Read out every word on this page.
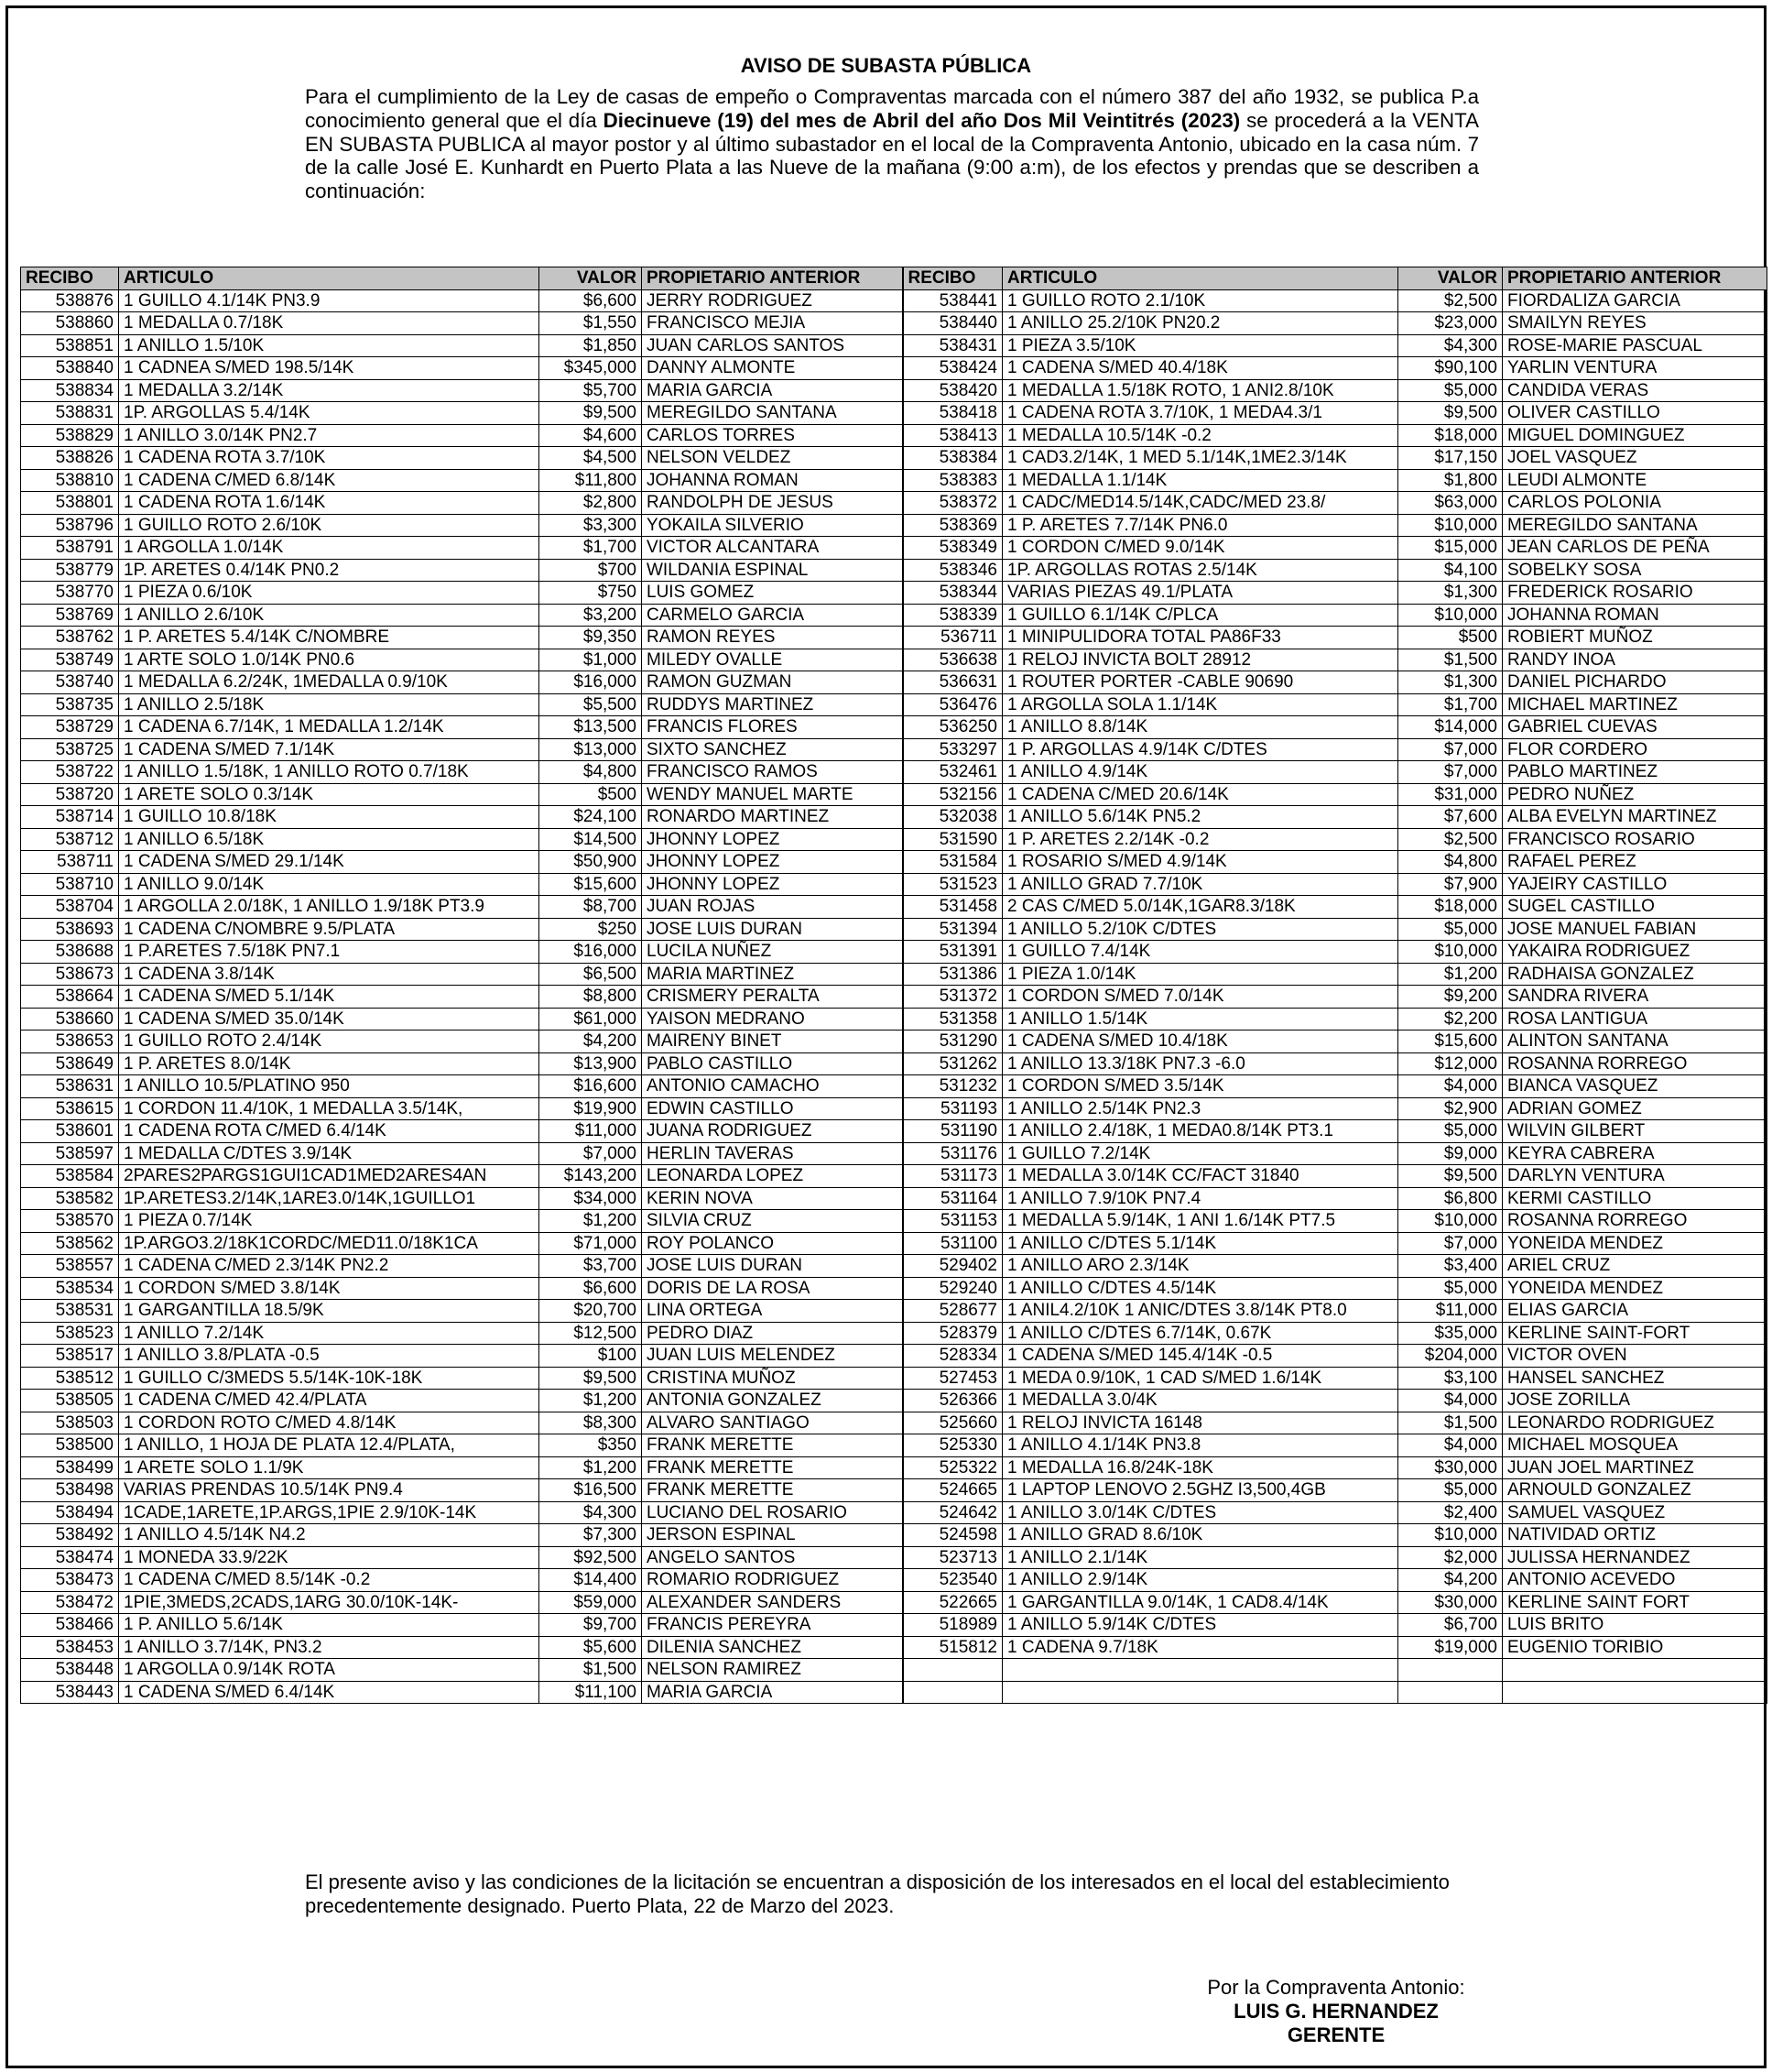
AVISO DE SUBASTA PÚBLICA
Para el cumplimiento de la Ley de casas de empeño o Compraventas marcada con el número 387 del año 1932, se publica P.a conocimiento general que el día Diecinueve (19) del mes de Abril del año Dos Mil Veintitrés (2023) se procederá a la VENTA EN SUBASTA PUBLICA al mayor postor y al último subastador en el local de la Compraventa Antonio, ubicado en la casa núm. 7 de la calle José E. Kunhardt en Puerto Plata a las Nueve de la mañana (9:00 a:m), de los efectos y prendas que se describen a continuación:
RECIBO	ARTICULO	VALOR	PROPIETARIO ANTERIOR	RECIBO	ARTICULO	VALOR	PROPIETARIO ANTERIOR
538876	1 GUILLO 4.1/14K PN3.9	$6,600	JERRY RODRIGUEZ	538441	1 GUILLO ROTO 2.1/10K	$2,500	FIORDALIZA GARCIA
538860	1 MEDALLA 0.7/18K	$1,550	FRANCISCO MEJIA	538440	1 ANILLO 25.2/10K PN20.2	$23,000	SMAILYN REYES
538851	1 ANILLO 1.5/10K	$1,850	JUAN CARLOS SANTOS	538431	1 PIEZA 3.5/10K	$4,300	ROSE-MARIE PASCUAL
538840	1 CADNEA S/MED 198.5/14K	$345,000	DANNY ALMONTE	538424	1 CADENA S/MED 40.4/18K	$90,100	YARLIN VENTURA
538834	1 MEDALLA 3.2/14K	$5,700	MARIA GARCIA	538420	1 MEDALLA 1.5/18K ROTO, 1 ANI2.8/10K	$5,000	CANDIDA VERAS
538831	1P. ARGOLLAS 5.4/14K	$9,500	MEREGILDO SANTANA	538418	1 CADENA ROTA 3.7/10K, 1 MEDA4.3/1	$9,500	OLIVER CASTILLO
538829	1 ANILLO 3.0/14K PN2.7	$4,600	CARLOS TORRES	538413	1 MEDALLA 10.5/14K -0.2	$18,000	MIGUEL DOMINGUEZ
538826	1 CADENA ROTA 3.7/10K	$4,500	NELSON VELDEZ	538384	1 CAD3.2/14K, 1 MED 5.1/14K,1ME2.3/14K	$17,150	JOEL VASQUEZ
538810	1 CADENA C/MED 6.8/14K	$11,800	JOHANNA ROMAN	538383	1 MEDALLA 1.1/14K	$1,800	LEUDI ALMONTE
538801	1 CADENA ROTA 1.6/14K	$2,800	RANDOLPH DE JESUS	538372	1 CADC/MED14.5/14K,CADC/MED 23.8/	$63,000	CARLOS POLONIA
538796	1 GUILLO ROTO 2.6/10K	$3,300	YOKAILA SILVERIO	538369	1 P. ARETES 7.7/14K PN6.0	$10,000	MEREGILDO SANTANA
538791	1 ARGOLLA 1.0/14K	$1,700	VICTOR ALCANTARA	538349	1 CORDON C/MED 9.0/14K	$15,000	JEAN CARLOS DE PEÑA
538779	1P. ARETES 0.4/14K PN0.2	$700	WILDANIA ESPINAL	538346	1P. ARGOLLAS ROTAS 2.5/14K	$4,100	SOBELKY SOSA
538770	1 PIEZA 0.6/10K	$750	LUIS GOMEZ	538344	VARIAS PIEZAS 49.1/PLATA	$1,300	FREDERICK ROSARIO
538769	1 ANILLO 2.6/10K	$3,200	CARMELO GARCIA	538339	1 GUILLO 6.1/14K C/PLCA	$10,000	JOHANNA ROMAN
538762	1 P. ARETES 5.4/14K C/NOMBRE	$9,350	RAMON REYES	536711	1 MINIPULIDORA TOTAL PA86F33	$500	ROBIERT MUÑOZ
538749	1 ARTE SOLO 1.0/14K PN0.6	$1,000	MILEDY OVALLE	536638	1 RELOJ INVICTA BOLT 28912	$1,500	RANDY INOA
538740	1 MEDALLA 6.2/24K, 1MEDALLA 0.9/10K	$16,000	RAMON GUZMAN	536631	1 ROUTER PORTER -CABLE 90690	$1,300	DANIEL PICHARDO
538735	1 ANILLO 2.5/18K	$5,500	RUDDYS MARTINEZ	536476	1 ARGOLLA SOLA 1.1/14K	$1,700	MICHAEL MARTINEZ
538729	1 CADENA 6.7/14K, 1 MEDALLA 1.2/14K	$13,500	FRANCIS FLORES	536250	1 ANILLO 8.8/14K	$14,000	GABRIEL CUEVAS
538725	1 CADENA S/MED 7.1/14K	$13,000	SIXTO SANCHEZ	533297	1 P. ARGOLLAS 4.9/14K C/DTES	$7,000	FLOR CORDERO
538722	1 ANILLO 1.5/18K, 1 ANILLO ROTO 0.7/18K	$4,800	FRANCISCO RAMOS	532461	1 ANILLO 4.9/14K	$7,000	PABLO MARTINEZ
538720	1 ARETE SOLO 0.3/14K	$500	WENDY MANUEL MARTE	532156	1 CADENA C/MED 20.6/14K	$31,000	PEDRO NUÑEZ
538714	1 GUILLO 10.8/18K	$24,100	RONARDO MARTINEZ	532038	1 ANILLO 5.6/14K PN5.2	$7,600	ALBA EVELYN MARTINEZ
538712	1 ANILLO 6.5/18K	$14,500	JHONNY LOPEZ	531590	1 P. ARETES 2.2/14K -0.2	$2,500	FRANCISCO ROSARIO
538711	1 CADENA S/MED 29.1/14K	$50,900	JHONNY LOPEZ	531584	1 ROSARIO S/MED 4.9/14K	$4,800	RAFAEL PEREZ
538710	1 ANILLO 9.0/14K	$15,600	JHONNY LOPEZ	531523	1 ANILLO GRAD 7.7/10K	$7,900	YAJEIRY CASTILLO
538704	1 ARGOLLA 2.0/18K, 1 ANILLO 1.9/18K PT3.9	$8,700	JUAN ROJAS	531458	2 CAS C/MED 5.0/14K,1GAR8.3/18K	$18,000	SUGEL CASTILLO
538693	1 CADENA C/NOMBRE 9.5/PLATA	$250	JOSE LUIS DURAN	531394	1 ANILLO 5.2/10K C/DTES	$5,000	JOSE MANUEL FABIAN
538688	1 P.ARETES 7.5/18K PN7.1	$16,000	LUCILA NUÑEZ	531391	1 GUILLO 7.4/14K	$10,000	YAKAIRA RODRIGUEZ
538673	1 CADENA 3.8/14K	$6,500	MARIA MARTINEZ	531386	1 PIEZA 1.0/14K	$1,200	RADHAISA GONZALEZ
538664	1 CADENA S/MED 5.1/14K	$8,800	CRISMERY PERALTA	531372	1 CORDON S/MED 7.0/14K	$9,200	SANDRA RIVERA
538660	1 CADENA S/MED 35.0/14K	$61,000	YAISON MEDRANO	531358	1 ANILLO 1.5/14K	$2,200	ROSA LANTIGUA
538653	1 GUILLO ROTO 2.4/14K	$4,200	MAIRENY BINET	531290	1 CADENA S/MED 10.4/18K	$15,600	ALINTON SANTANA
538649	1 P. ARETES 8.0/14K	$13,900	PABLO CASTILLO	531262	1 ANILLO 13.3/18K PN7.3 -6.0	$12,000	ROSANNA RORREGO
538631	1 ANILLO 10.5/PLATINO 950	$16,600	ANTONIO CAMACHO	531232	1 CORDON S/MED 3.5/14K	$4,000	BIANCA VASQUEZ
538615	1 CORDON 11.4/10K, 1 MEDALLA 3.5/14K,	$19,900	EDWIN CASTILLO	531193	1 ANILLO 2.5/14K PN2.3	$2,900	ADRIAN GOMEZ
538601	1 CADENA ROTA C/MED 6.4/14K	$11,000	JUANA RODRIGUEZ	531190	1 ANILLO 2.4/18K, 1 MEDA0.8/14K PT3.1	$5,000	WILVIN GILBERT
538597	1 MEDALLA C/DTES 3.9/14K	$7,000	HERLIN TAVERAS	531176	1 GUILLO 7.2/14K	$9,000	KEYRA CABRERA
538584	2PARES2PARGS1GUI1CAD1MED2ARES4AN	$143,200	LEONARDA LOPEZ	531173	1 MEDALLA 3.0/14K CC/FACT 31840	$9,500	DARLYN VENTURA
538582	1P.ARETES3.2/14K,1ARE3.0/14K,1GUILLO1	$34,000	KERIN NOVA	531164	1 ANILLO 7.9/10K PN7.4	$6,800	KERMI CASTILLO
538570	1 PIEZA 0.7/14K	$1,200	SILVIA CRUZ	531153	1 MEDALLA 5.9/14K, 1 ANI 1.6/14K PT7.5	$10,000	ROSANNA RORREGO
538562	1P.ARGO3.2/18K1CORDC/MED11.0/18K1CA	$71,000	ROY POLANCO	531100	1 ANILLO C/DTES 5.1/14K	$7,000	YONEIDA MENDEZ
538557	1 CADENA C/MED 2.3/14K PN2.2	$3,700	JOSE LUIS DURAN	529402	1 ANILLO ARO 2.3/14K	$3,400	ARIEL CRUZ
538534	1 CORDON S/MED 3.8/14K	$6,600	DORIS DE LA ROSA	529240	1 ANILLO C/DTES 4.5/14K	$5,000	YONEIDA MENDEZ
538531	1 GARGANTILLA 18.5/9K	$20,700	LINA ORTEGA	528677	1 ANIL4.2/10K 1 ANIC/DTES 3.8/14K PT8.0	$11,000	ELIAS GARCIA
538523	1 ANILLO 7.2/14K	$12,500	PEDRO DIAZ	528379	1 ANILLO C/DTES 6.7/14K, 0.67K	$35,000	KERLINE SAINT-FORT
538517	1 ANILLO 3.8/PLATA -0.5	$100	JUAN LUIS MELENDEZ	528334	1 CADENA S/MED 145.4/14K -0.5	$204,000	VICTOR OVEN
538512	1 GUILLO C/3MEDS 5.5/14K-10K-18K	$9,500	CRISTINA MUÑOZ	527453	1 MEDA 0.9/10K, 1 CAD S/MED 1.6/14K	$3,100	HANSEL SANCHEZ
538505	1 CADENA C/MED 42.4/PLATA	$1,200	ANTONIA GONZALEZ	526366	1 MEDALLA 3.0/4K	$4,000	JOSE ZORILLA
538503	1 CORDON ROTO C/MED 4.8/14K	$8,300	ALVARO SANTIAGO	525660	1 RELOJ INVICTA 16148	$1,500	LEONARDO RODRIGUEZ
538500	1 ANILLO, 1 HOJA DE PLATA 12.4/PLATA,	$350	FRANK MERETTE	525330	1 ANILLO 4.1/14K PN3.8	$4,000	MICHAEL MOSQUEA
538499	1 ARETE SOLO 1.1/9K	$1,200	FRANK MERETTE	525322	1 MEDALLA 16.8/24K-18K	$30,000	JUAN JOEL MARTINEZ
538498	VARIAS PRENDAS 10.5/14K PN9.4	$16,500	FRANK MERETTE	524665	1 LAPTOP LENOVO 2.5GHZ I3,500,4GB	$5,000	ARNOULD GONZALEZ
538494	1CADE,1ARETE,1P.ARGS,1PIE 2.9/10K-14K	$4,300	LUCIANO DEL ROSARIO	524642	1 ANILLO 3.0/14K C/DTES	$2,400	SAMUEL VASQUEZ
538492	1 ANILLO 4.5/14K N4.2	$7,300	JERSON ESPINAL	524598	1 ANILLO GRAD 8.6/10K	$10,000	NATIVIDAD ORTIZ
538474	1 MONEDA 33.9/22K	$92,500	ANGELO SANTOS	523713	1 ANILLO 2.1/14K	$2,000	JULISSA HERNANDEZ
538473	1 CADENA C/MED 8.5/14K -0.2	$14,400	ROMARIO RODRIGUEZ	523540	1 ANILLO 2.9/14K	$4,200	ANTONIO ACEVEDO
538472	1PIE,3MEDS,2CADS,1ARG 30.0/10K-14K-	$59,000	ALEXANDER SANDERS	522665	1 GARGANTILLA 9.0/14K, 1 CAD8.4/14K	$30,000	KERLINE SAINT FORT
538466	1 P. ANILLO 5.6/14K	$9,700	FRANCIS PEREYRA	518989	1 ANILLO 5.9/14K C/DTES	$6,700	LUIS BRITO
538453	1 ANILLO 3.7/14K, PN3.2	$5,600	DILENIA SANCHEZ	515812	1 CADENA 9.7/18K	$19,000	EUGENIO TORIBIO
538448	1 ARGOLLA 0.9/14K ROTA	$1,500	NELSON RAMIREZ				
538443	1 CADENA S/MED 6.4/14K	$11,100	MARIA GARCIA				
El presente aviso y las condiciones de la licitación se encuentran a disposición de los interesados en el local del establecimiento precedentemente designado. Puerto Plata, 22 de Marzo del 2023.
Por la Compraventa Antonio:
LUIS G. HERNANDEZ
GERENTE
